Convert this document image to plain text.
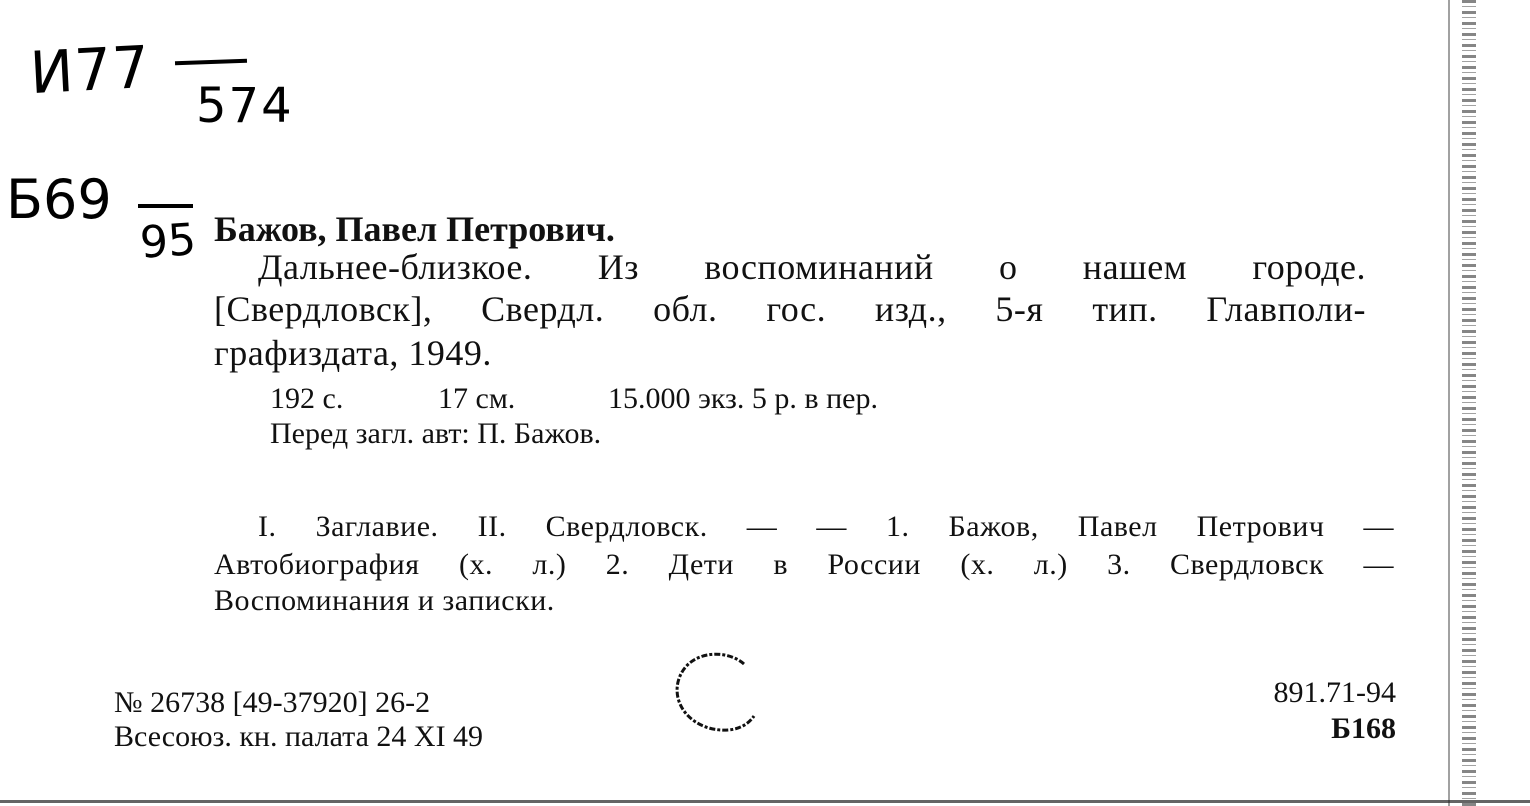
И77 574
Б69
95 Бажов, Павел Петрович.
Дальнее-близкое. Из воспоминаний о нашем городе.
[Свердловск], Свердл. обл. гос. изд., 5-я тип. Главполи-
графиздата, 1949.
192 с.	17 см.	15.000 экз. 5 р. в пер.
Перед загл. авт: П. Бажов.
I. Заглавие. II. Свердловск. — — 1. Бажов, Павел Петрович —
Автобиография (х. л.) 2. Дети в России (х. л.) 3. Свердловск —
Воспоминания и записки.
№ 26738 [49-37920] 26-2
Всесоюз. кн. палата 24 XI 49
891.71-94
Б168
